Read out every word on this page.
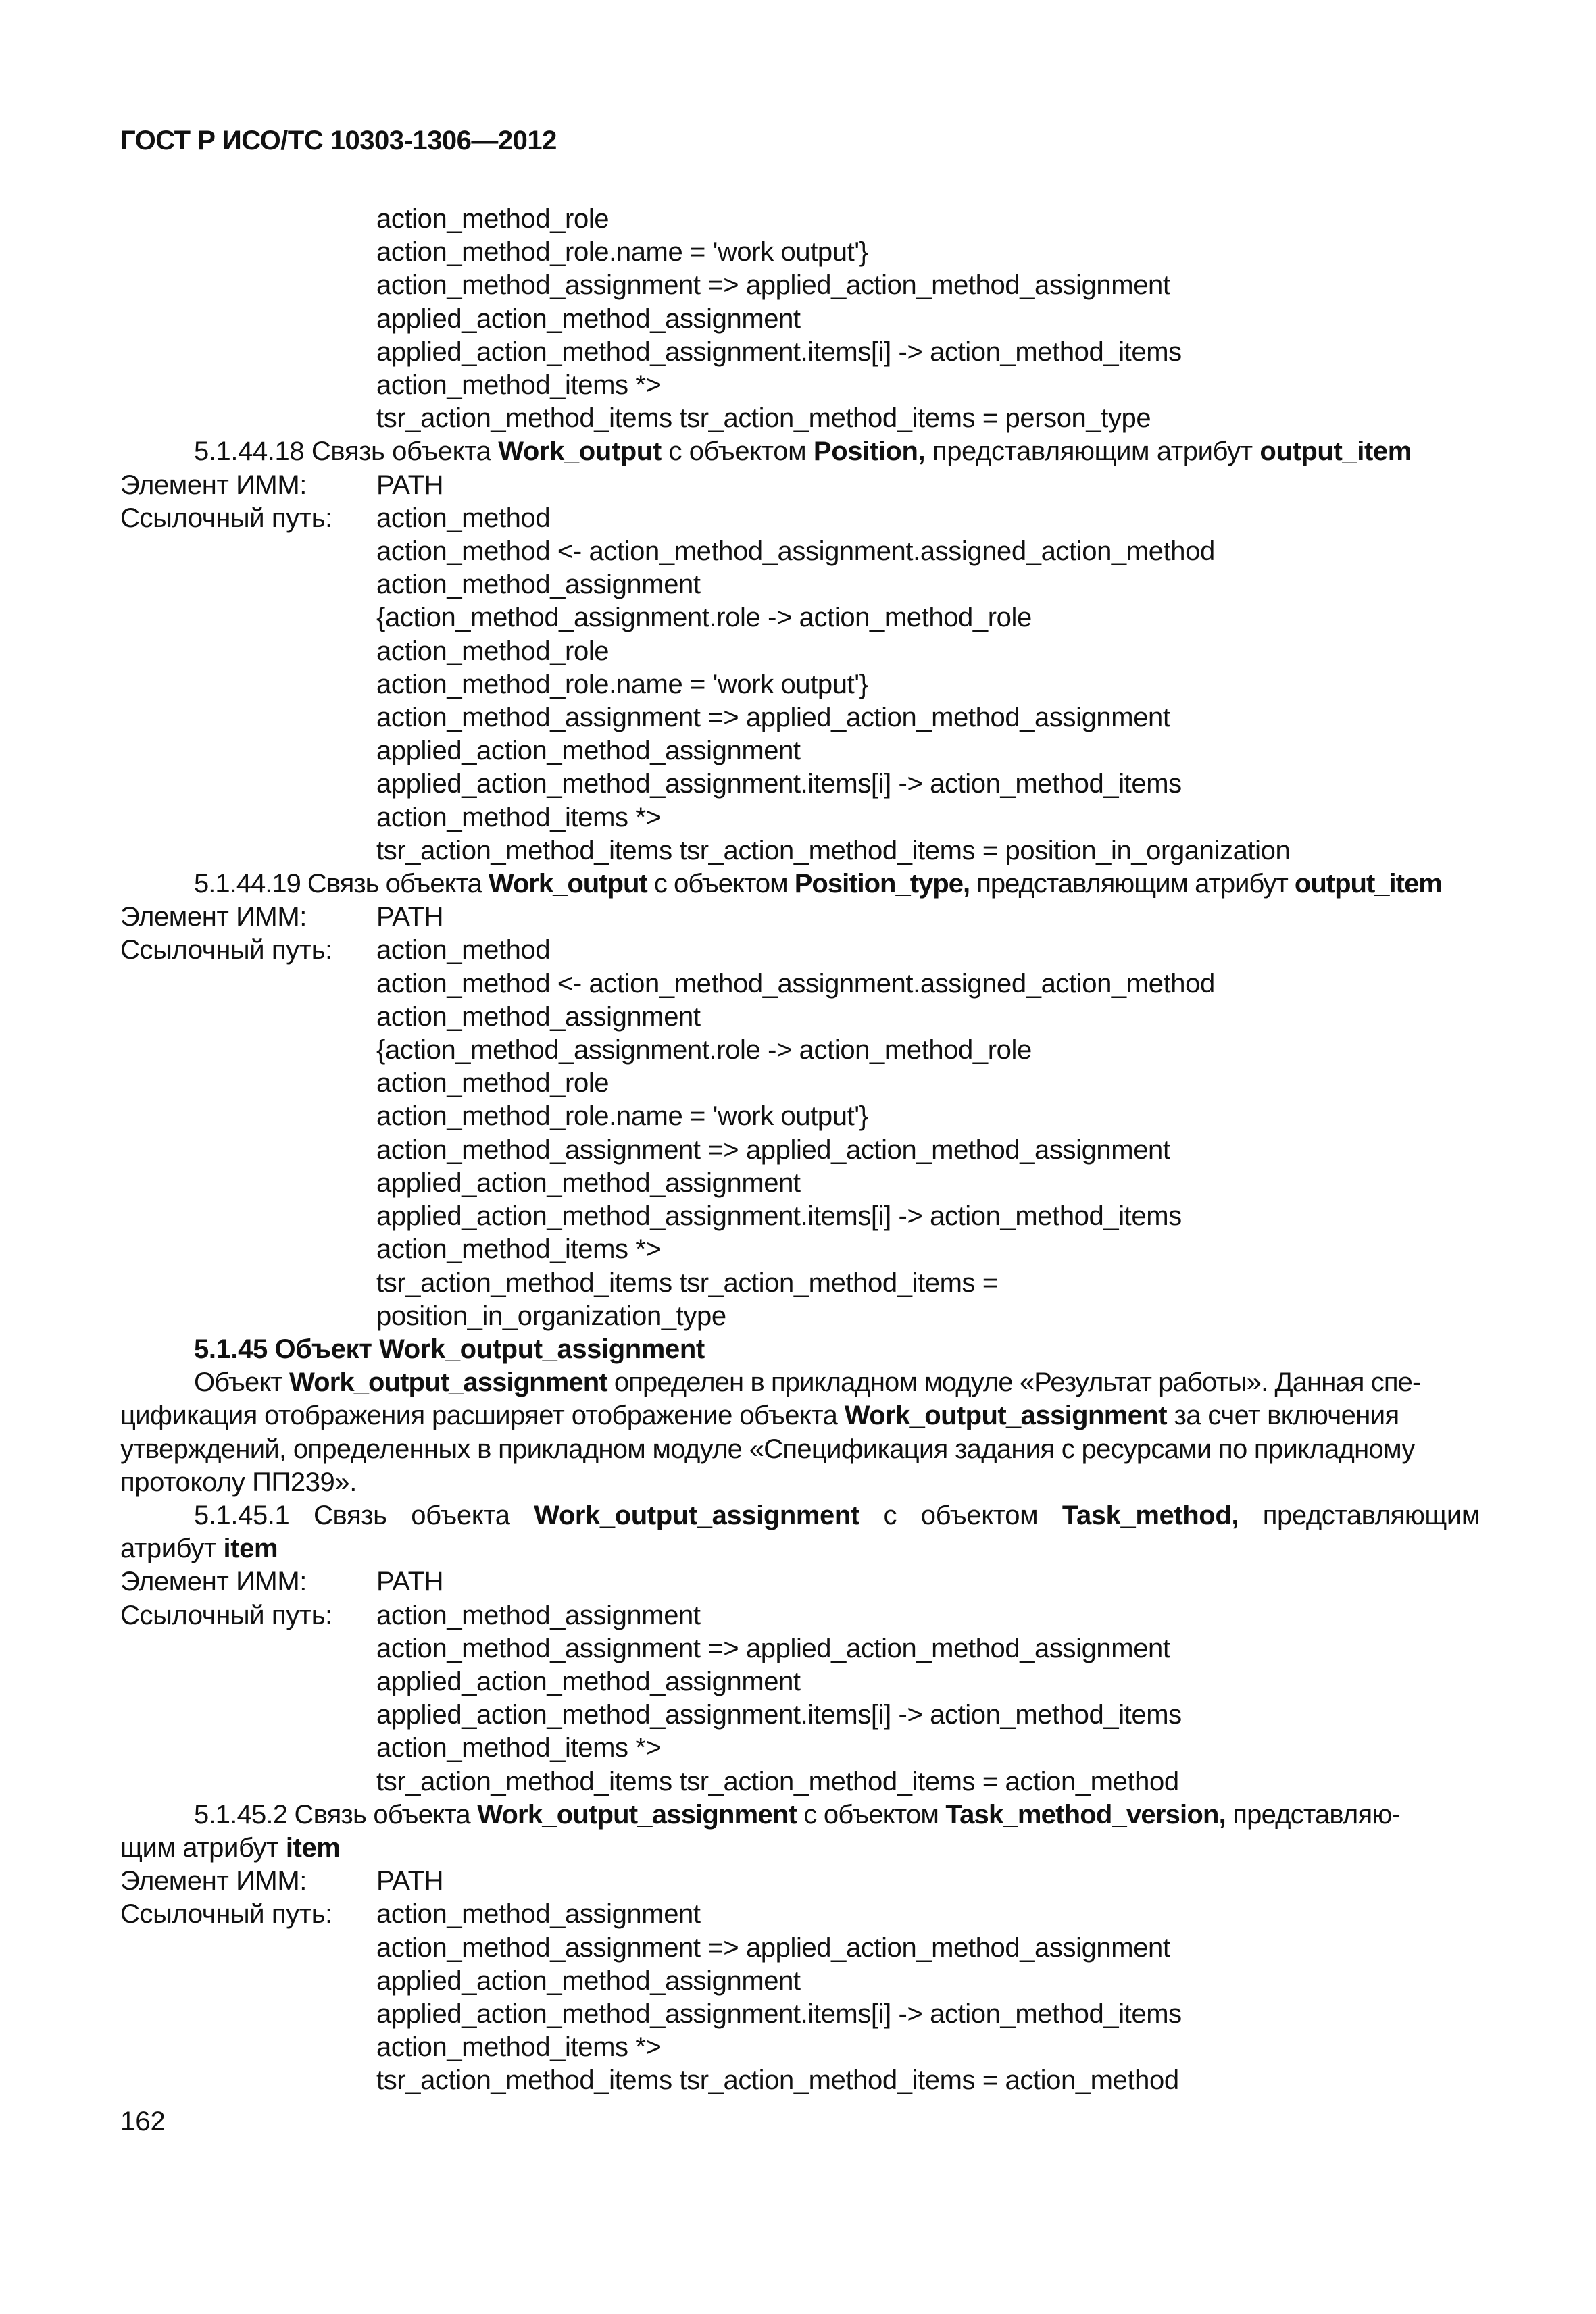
ГОСТ Р ИСО/ТС 10303-1306—2012
action_method_role
action_method_role.name = 'work output'}
action_method_assignment => applied_action_method_assignment
applied_action_method_assignment
applied_action_method_assignment.items[i] -> action_method_items
action_method_items *>
tsr_action_method_items tsr_action_method_items = person_type
5.1.44.18 Связь объекта Work_output с объектом Position, представляющим атрибут output_item
Элемент ИММ:	PATH
Ссылочный путь:	action_method
action_method <- action_method_assignment.assigned_action_method
action_method_assignment
{action_method_assignment.role -> action_method_role
action_method_role
action_method_role.name = 'work output'}
action_method_assignment => applied_action_method_assignment
applied_action_method_assignment
applied_action_method_assignment.items[i] -> action_method_items
action_method_items *>
tsr_action_method_items tsr_action_method_items = position_in_organization
5.1.44.19 Связь объекта Work_output с объектом Position_type, представляющим атрибут output_item
Элемент ИММ:	PATH
Ссылочный путь:	action_method
action_method <- action_method_assignment.assigned_action_method
action_method_assignment
{action_method_assignment.role -> action_method_role
action_method_role
action_method_role.name = 'work output'}
action_method_assignment => applied_action_method_assignment
applied_action_method_assignment
applied_action_method_assignment.items[i] -> action_method_items
action_method_items *>
tsr_action_method_items tsr_action_method_items =
position_in_organization_type
5.1.45 Объект Work_output_assignment
Объект Work_output_assignment определен в прикладном модуле «Результат работы». Данная спе-
цификация отображения расширяет отображение объекта Work_output_assignment за счет включения
утверждений, определенных в прикладном модуле «Спецификация задания с ресурсами по прикладному
протоколу ПП239».
5.1.45.1 Связь объекта Work_output_assignment с объектом Task_method, представляющим
атрибут item
Элемент ИММ:	PATH
Ссылочный путь:	action_method_assignment
action_method_assignment => applied_action_method_assignment
applied_action_method_assignment
applied_action_method_assignment.items[i] -> action_method_items
action_method_items *>
tsr_action_method_items tsr_action_method_items = action_method
5.1.45.2 Связь объекта Work_output_assignment с объектом Task_method_version, представляю-
щим атрибут item
Элемент ИММ:	PATH
Ссылочный путь:	action_method_assignment
action_method_assignment => applied_action_method_assignment
applied_action_method_assignment
applied_action_method_assignment.items[i] -> action_method_items
action_method_items *>
tsr_action_method_items tsr_action_method_items = action_method
162
